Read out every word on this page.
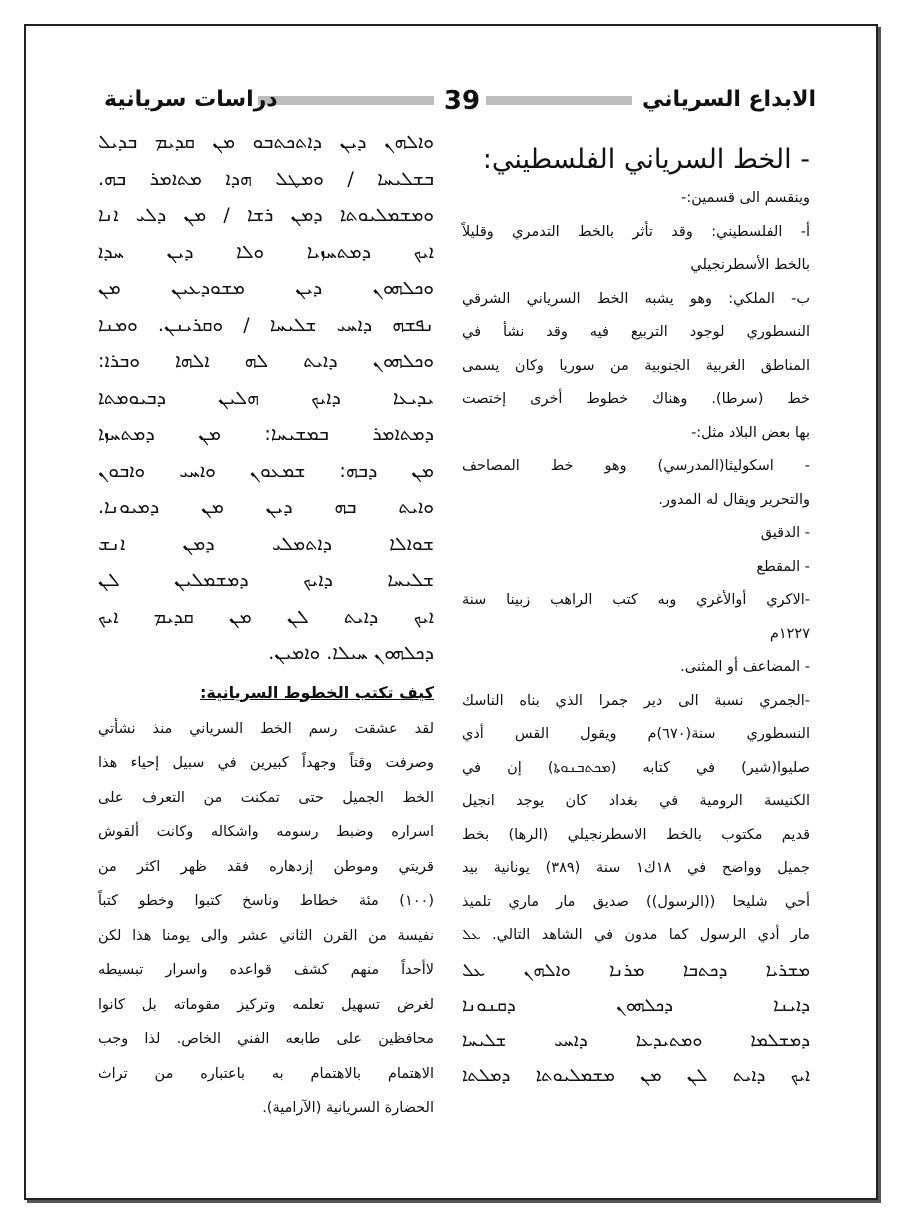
الابداع السرياني
39
دراسات سريانية

- الخط السرياني الفلسطيني:

وينقسم الى قسمين:-

أ- الفلسطيني: وقد تأثر بالخط التدمري وقليلاً

بالخط الأسطرنجيلي

ب- الملكي: وهو يشبه الخط السرياني الشرقي

النسطوري لوجود التربيع فيه وقد نشأ في

المناطق الغربية الجنوبية من سوريا وكان يسمى

خط (سرطا). وهناك خطوط أخرى إختصت

بها بعض البلاد مثل:-

- اسكوليثا(المدرسي) وهو خط المصاحف

والتحرير ويقال له المدور.

- الدقيق

- المقطع

-الاكري أوالأغري وبه كتب الراهب زبينا سنة

١٢٢٧م

- المضاعف أو المثنى.

-الجمري نسبة الى دير جمرا الذي بناه الناسك

النسطوري سنة(٦٧٠)م ويقول القس أدي

صليوا(شير) في كتابه (ܡܟܬܒܢܘܬܐ) إن في

الكنيسة الرومية في بغداد كان يوجد انجيل

قديم مكتوب بالخط الاسطرنجيلي (الرها) بخط

جميل وواضح في ١٨ك١ سنة (٣٨٩) يونانية بيد

أحي شليحا ((الرسول)) صديق مار ماري تلميذ

مار أدي الرسول كما مدون في الشاهد التالي. ܥܠ

ܡܫܪܝܐ ܕܟܬܒܐ ܡܪܢܐ ܘܐܠܗܢ ܥܠ

ܕܐܝܢܐ ܕܟܠܗܘܢ ܕܩܢܘܢܐ

ܕܡܫܠܡܐ ܘܡܬܝܕܥܐ ܕܐܚܝ ܫܠܝܚܐ

ܐܝܟ ܕܐܝܬ ܠܢ ܡܢ ܡܫܡܠܝܘܬܐ ܕܡܠܬܐ

ܘܐܠܗܢ ܕܝܢ ܕܐܬܟܬܒܘ ܡܢ ܩܕܝܡ ܒܕܝܠ

ܒܫܠܝܚܐ / ܘܡܛܠ ܗܕܐ ܡܬܐܡܪ ܒܗ.

ܘܡܫܡܠܝܘܬܐ ܕܡܢ ܪܫܐ / ܡܢ ܕܠܝ ܐܢܐ

ܐܝܟ ܕܡܬܚܙܝܐ ܘܠܐ ܕܝܢ ܚܕܐ

ܘܟܠܗܘܢ ܕܝܢ ܡܫܘܕܥܝܢ ܡܢ

ܢܦܫܗ ܕܐܚܝ ܫܠܝܚܐ / ܘܩܪܝܢܢ. ܘܡܢܐ

ܘܟܠܗܘܢ ܕܐܝܬ ܠܗ ܐܠܗܐ ܘܒܪܐ:

ܝܕܝܥܐ ܕܐܝܟ ܗܠܝܢ ܕܒܝܘܡܬܐ

ܕܡܬܐܡܪ ܒܡܫܝܚܐ: ܡܢ ܕܡܬܚܙܐ

ܡܢ ܕܒܗ: ܫܡܥܘܢ ܘܐܚܝ ܘܐܒܘܢ

ܘܐܝܬ ܒܗ ܕܝܢ ܡܢ ܕܡܝܘܢܐ.

ܫܘܐܠܐ ܕܐܬܡܠܝ ܕܡܢ ܐܢܫ

ܫܠܝܚܐ ܕܐܝܟ ܕܡܫܡܠܝܢ ܠܢ

ܐܝܟ ܕܐܝܬ ܠܢ ܡܢ ܩܕܝܡ ܐܝܟ

ܕܟܠܗܘܢ ܚܝܠܐ. ܘܐܡܝܢ.

كيف تكتب الخطوط السريانية:

لقد عشقت رسم الخط السرياني منذ نشأتي

وصرفت وقتاً وجهداً كبيرين في سبيل إحياء هذا

الخط الجميل حتى تمكنت من التعرف على

اسراره وضبط رسومه واشكاله وكانت ألقوش

قريتي وموطن إزدهاره فقد ظهر اكثر من

(١٠٠) مئة خطاط وناسخ كتبوا وخطو كتباً

نفيسة من القرن الثاني عشر والى يومنا هذا لكن

لاأحداً منهم كشف قواعده واسرار تبسيطه

لغرض تسهيل تعلمه وتركيز مقوماته بل كانوا

محافظين على طابعه الفني الخاص. لذا وجب

الاهتمام بالاهتمام به باعتباره من تراث

الحضارة السريانية (الآرامية).
